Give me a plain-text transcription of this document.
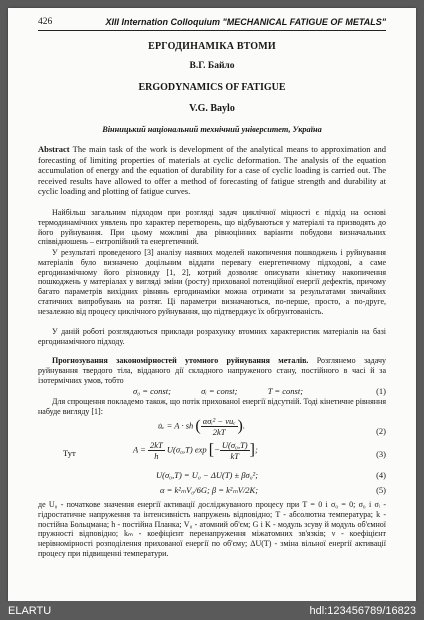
426	XIII Internation Colloquium "MECHANICAL FATIGUE OF METALS"
ЕРГОДИНАМІКА ВТОМИ
В.Г. Байло
ERGODYNAMICS OF FATIGUE
V.G. Baylo
Вінницький національний технічний університет, Україна
Abstract The main task of the work is development of the analytical means to approximation and forecasting of limiting properties of materials at cyclic deformation. The analysis of the equation accumulation of energy and the equation of durability for a case of cyclic loading is carried out. The received results have allowed to offer a method of forecasting of fatigue strength and durability at cyclic loading and plotting of fatigue curves.
Найбільш загальним підходом при розгляді задач циклічної міцності є підхід на основі термодинамічних уявлень про характер перетворень, що відбуваються у матеріалі та призводять до його руйнування. При цьому можливі два рівноцінних варіанти побудови визначальних співвідношень – ентропійний та енергетичний.
У результаті проведеного [3] аналізу наявних моделей накопичення пошкоджень і руйнування матеріалів було визначено доцільним віддати перевагу енергетичному підходові, а саме ергодинамічному його різновиду [1, 2], котрий дозволяє описувати кінетику накопичення пошкоджень у матеріалах у вигляді зміни (росту) прихованої потенційної енергії дефектів, причому багато параметрів вихідних рівнянь ергодинаміки можна отримати за результатами звичайних статичних випробувань на розтяг. Ці параметри визначаються, по-перше, просто, а по-друге, незалежно від процесу циклічного руйнування, що підтверджує їх обґрунтованість.
У даній роботі розглядаються приклади розрахунку втомних характеристик матеріалів на базі ергодинамічного підходу.
Прогнозування закономірностей утомного руйнування металів. Розглянемо задачу руйнування твердого тіла, відданого дії складного напруженого стану, постійного в часі й за ізотермічних умов, тобто
σ₀ = const;	σᵢ = const;	T = const;	(1)
Для спрощення покладемо також, що потік прихованої енергії відсутній. Тоді кінетичне рівняння набуде вигляду [1]:
u̇ₑ = A · sh ( $\frac{\text{ασᵢ² − νuₑ}}{2kT}$ ).
(2)
Тут	$A = \frac{2kT}{h} U(\sigma_0,T)$ exp [− $\frac{\text{U(σ₀,T)}}{kT}$ ];	(3)
U(σ₀,T) = U₀ − ΔU(T) ± βσ₀²;	(4)
α = k²ₘV₀/6G; β = k²ₘV/2K;	(5)
де U₀ - початкове значення енергії активації досліджуваного процесу при T = 0 і σ₀ = 0; σ₀ і σᵢ - гідростатичне напруження та інтенсивність напружень відповідно; T - абсолютна температура; k - постійна Больцмана; h - постійна Планка; V₀ - атомний об'єм; G і K - модуль зсуву й модуль об'ємної пружності відповідно; kₘ - коефіцієнт перенапруження міжатомних зв'язків; ν - коефіцієнт нерівномірності розподілення прихованої енергії по об'єму; ΔU(T) - зміна вільної енергії активації процесу при підвищенні температури.
ELARTU	hdl:123456789/16823
